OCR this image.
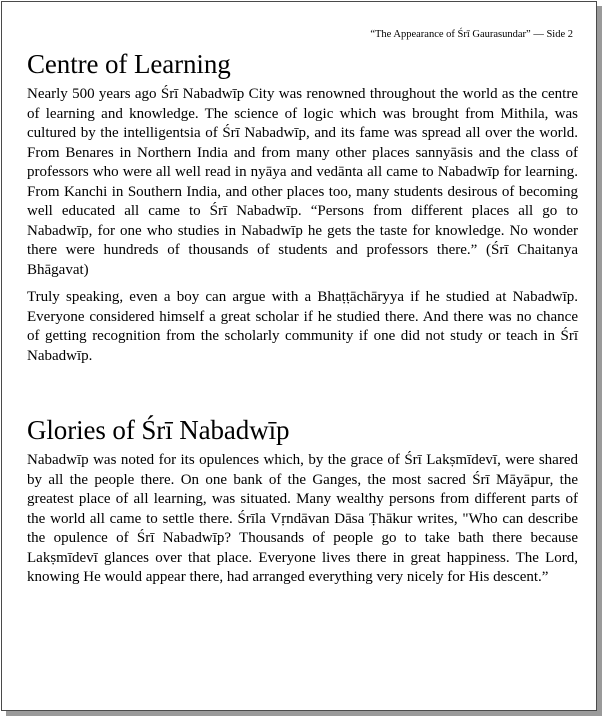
“The Appearance of Śrī Gaurasundar” — Side 2
Centre of Learning

Nearly 500 years ago Śrī Nabadwīp City was renowned throughout the world as the centre of learning and knowledge. The science of logic which was brought from Mithila, was cultured by the intelligentsia of Śrī Nabadwīp, and its fame was spread all over the world. From Benares in Northern India and from many other places sannyāsis and the class of professors who were all well read in nyāya and vedānta all came to Nabadwīp for learning. From Kanchi in Southern India, and other places too, many students desirous of becoming well educated all came to Śrī Nabadwīp. “Persons from different places all go to Nabadwīp, for one who studies in Nabadwīp he gets the taste for knowledge. No wonder there were hundreds of thousands of students and professors there.” (Śrī Chaitanya Bhāgavat)

Truly speaking, even a boy can argue with a Bhaṭṭāchāryya if he studied at Nabadwīp. Everyone considered himself a great scholar if he studied there. And there was no chance of getting recognition from the scholarly community if one did not study or teach in Śrī Nabadwīp.

Glories of Śrī Nabadwīp

Nabadwīp was noted for its opulences which, by the grace of Śrī Lakṣmīdevī, were shared by all the people there. On one bank of the Ganges, the most sacred Śrī Māyāpur, the greatest place of all learning, was situated. Many wealthy persons from different parts of the world all came to settle there. Śrīla Vṛndāvan Dāsa Ṭhākur writes, "Who can describe the opulence of Śrī Nabadwīp? Thousands of people go to take bath there because Lakṣmīdevī glances over that place. Everyone lives there in great happiness. The Lord, knowing He would appear there, had arranged everything very nicely for His descent.”
